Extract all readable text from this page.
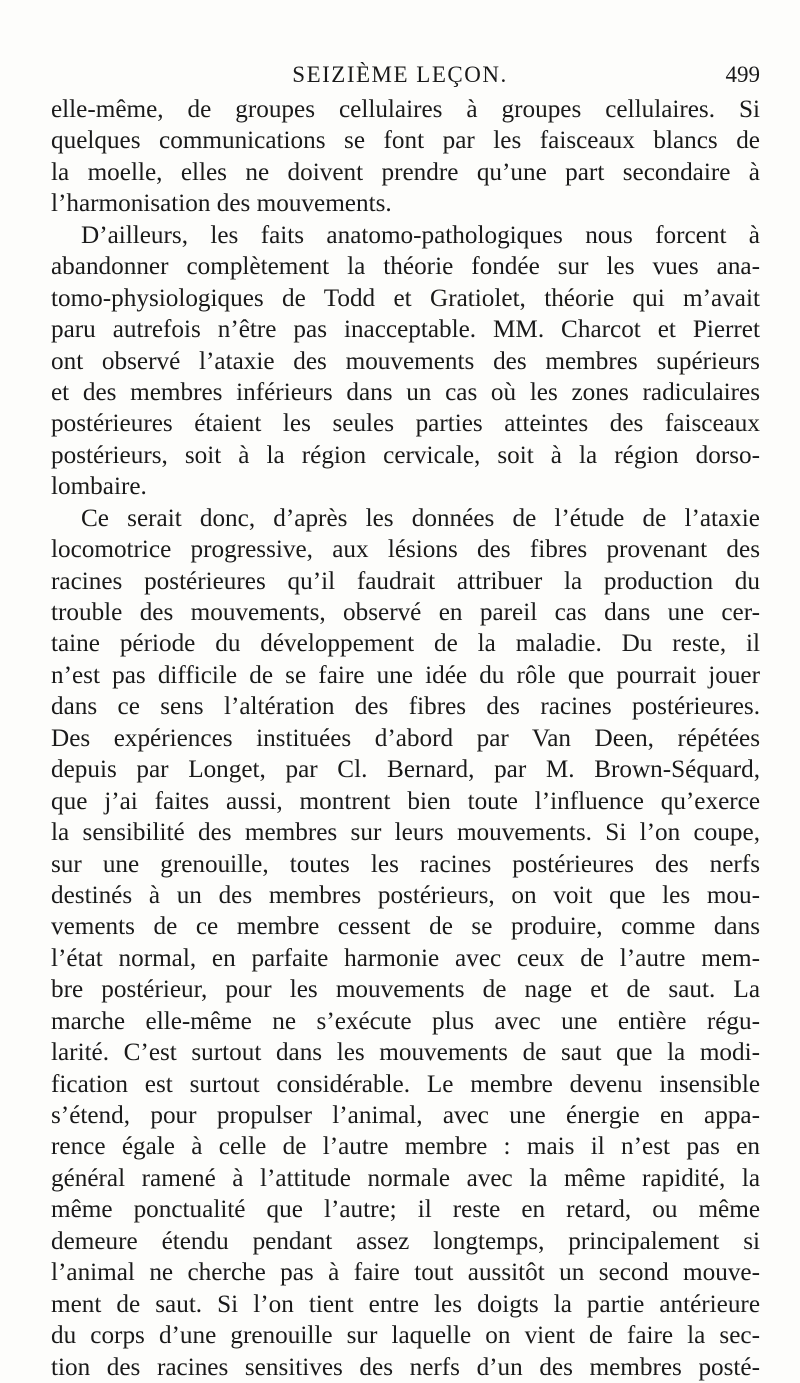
SEIZIÈME LEÇON.	499
elle-même, de groupes cellulaires à groupes cellulaires. Si
quelques communications se font par les faisceaux blancs de
la moelle, elles ne doivent prendre qu’une part secondaire à
l’harmonisation des mouvements.
D’ailleurs, les faits anatomo-pathologiques nous forcent à
abandonner complètement la théorie fondée sur les vues ana-
tomo-physiologiques de Todd et Gratiolet, théorie qui m’avait
paru autrefois n’être pas inacceptable. MM. Charcot et Pierret
ont observé l’ataxie des mouvements des membres supérieurs
et des membres inférieurs dans un cas où les zones radiculaires
postérieures étaient les seules parties atteintes des faisceaux
postérieurs, soit à la région cervicale, soit à la région dorso-
lombaire.
Ce serait donc, d’après les données de l’étude de l’ataxie
locomotrice progressive, aux lésions des fibres provenant des
racines postérieures qu’il faudrait attribuer la production du
trouble des mouvements, observé en pareil cas dans une cer-
taine période du développement de la maladie. Du reste, il
n’est pas difficile de se faire une idée du rôle que pourrait jouer
dans ce sens l’altération des fibres des racines postérieures.
Des expériences instituées d’abord par Van Deen, répétées
depuis par Longet, par Cl. Bernard, par M. Brown-Séquard,
que j’ai faites aussi, montrent bien toute l’influence qu’exerce
la sensibilité des membres sur leurs mouvements. Si l’on coupe,
sur une grenouille, toutes les racines postérieures des nerfs
destinés à un des membres postérieurs, on voit que les mou-
vements de ce membre cessent de se produire, comme dans
l’état normal, en parfaite harmonie avec ceux de l’autre mem-
bre postérieur, pour les mouvements de nage et de saut. La
marche elle-même ne s’exécute plus avec une entière régu-
larité. C’est surtout dans les mouvements de saut que la modi-
fication est surtout considérable. Le membre devenu insensible
s’étend, pour propulser l’animal, avec une énergie en appa-
rence égale à celle de l’autre membre : mais il n’est pas en
général ramené à l’attitude normale avec la même rapidité, la
même ponctualité que l’autre; il reste en retard, ou même
demeure étendu pendant assez longtemps, principalement si
l’animal ne cherche pas à faire tout aussitôt un second mouve-
ment de saut. Si l’on tient entre les doigts la partie antérieure
du corps d’une grenouille sur laquelle on vient de faire la sec-
tion des racines sensitives des nerfs d’un des membres posté-
